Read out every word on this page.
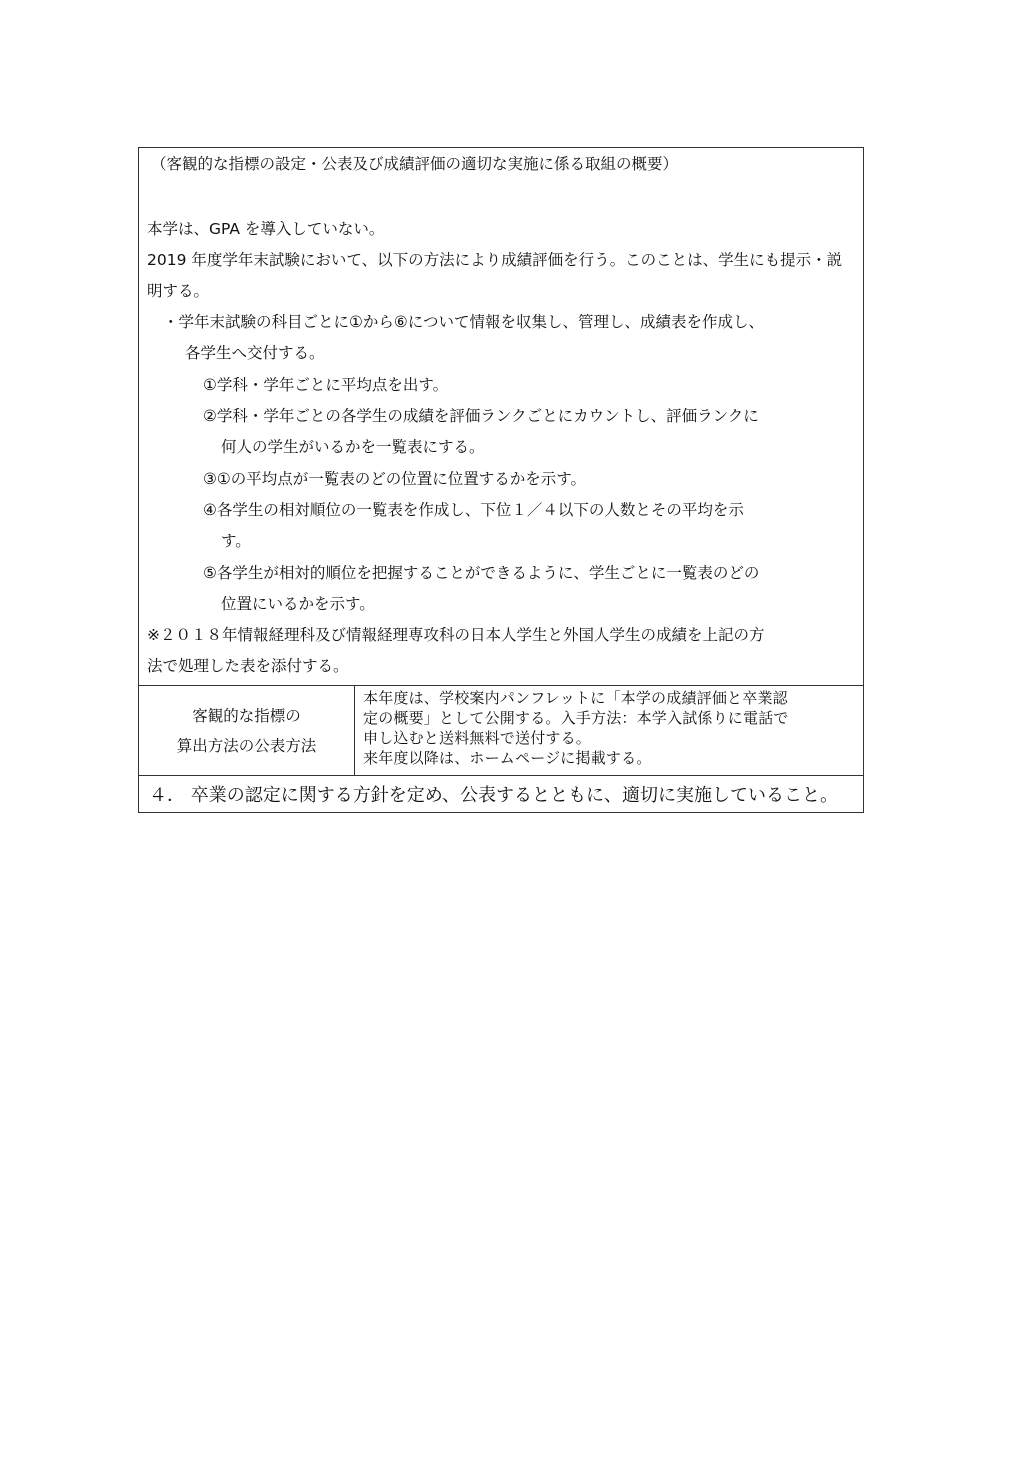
（客観的な指標の設定・公表及び成績評価の適切な実施に係る取組の概要）
本学は、GPA を導入していない。
2019 年度学年末試験において、以下の方法により成績評価を行う。このことは、学生にも提示・説
明する。
・学年末試験の科目ごとに①から⑥について情報を収集し、管理し、成績表を作成し、
各学生へ交付する。
①学科・学年ごとに平均点を出す。
②学科・学年ごとの各学生の成績を評価ランクごとにカウントし、評価ランクに
何人の学生がいるかを一覧表にする。
③①の平均点が一覧表のどの位置に位置するかを示す。
④各学生の相対順位の一覧表を作成し、下位１／４以下の人数とその平均を示
す。
⑤各学生が相対的順位を把握することができるように、学生ごとに一覧表のどの
位置にいるかを示す。
※２０１８年情報経理科及び情報経理専攻科の日本人学生と外国人学生の成績を上記の方
法で処理した表を添付する。
客観的な指標の
算出方法の公表方法
本年度は、学校案内パンフレットに「本学の成績評価と卒業認
定の概要」として公開する。入手方法：本学入試係りに電話で
申し込むと送料無料で送付する。
来年度以降は、ホームページに掲載する。
４． 卒業の認定に関する方針を定め、公表するとともに、適切に実施していること。
